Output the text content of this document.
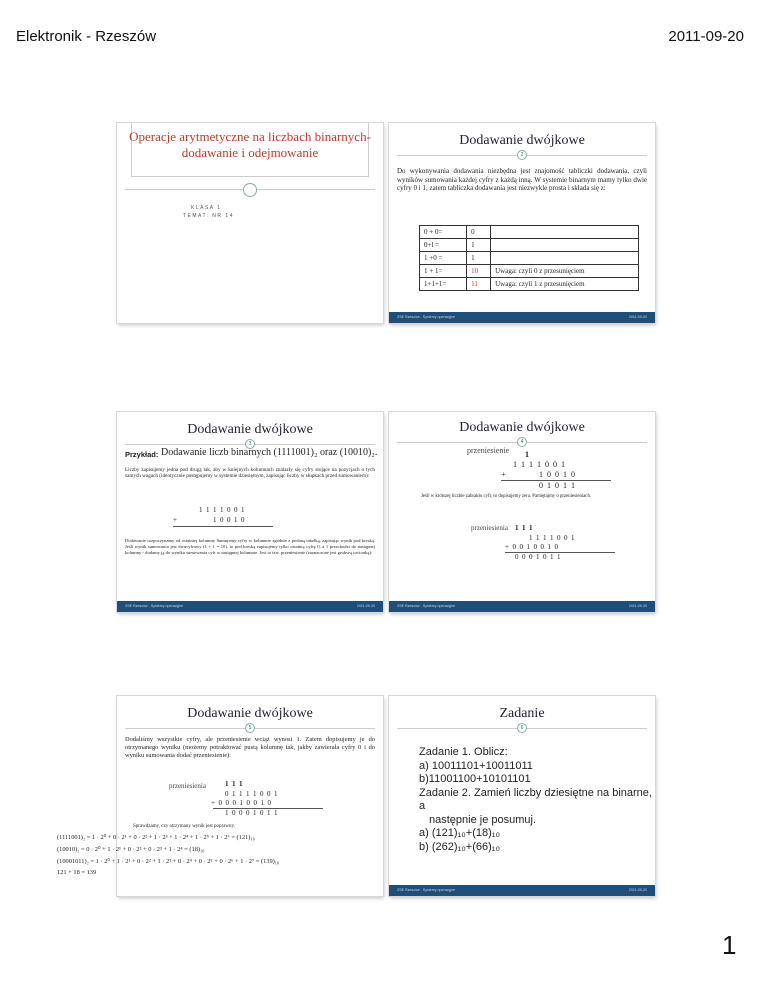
Elektronik - Rzeszów	2011-09-20
Operacje arytmetyczne na liczbach binarnych- dodawanie i odejmowanie
KLASA 1
TEMAT: NR 14
Dodawanie dwójkowe
2
Do wykonywania dodawania niezbędna jest znajomość tabliczki dodawania, czyli wyników sumowania każdej cyfry z każdą inną. W systemie binarnym mamy tylko dwie cyfry 0 i 1, zatem tabliczka dodawania jest niezwykle prosta i składa się z:
0 + 0=	0	
0+l =	1	
1 +0 =	1	
1 + 1=	10	Uwaga: czyli 0 z przesunięciem
1+1+1=	11	Uwaga: czyli 1 z przesunięciem
ZSE Rzeszów - Systemy operacyjne	2011-09-20
Dodawanie dwójkowe
3
Przykład: Dodawanie liczb binarnych (1111001)₂ oraz (10010)₂.
Liczby zapisujemy jedna pod drugą tak, aby w kolejnych kolumnach znalazły się cyfry stojące na pozycjach o tych samych wagach (identycznie postępujemy w systemie dziesiętnym, zapisując liczby w słupkach przed sumowaniem):
1  1  1  1  0  0  1
+	1  0  0  1  0
Dodawanie rozpoczynamy od ostatniej kolumny Sumujemy cyfry w kolumnie zgodnie z podaną tabelką, zapisując wynik pod kreską. Jeśli wynik sumowania jest dwucyfrowy (1 + 1 = 10), to pod kreską zapisujemy tylko ostatnią cyfrę 0, a 1 przechodzi do następnej kolumny - dodamy ją do wyniku sumowania cyfr w następnej kolumnie. Jest to tzw. przeniesienie (zaznaczone jest grubszą czcionką):
ZSE Rzeszów - Systemy operacyjne	2011-09-20
Dodawanie dwójkowe
4
przeniesienie 1
1  1  1  1  0  0  1
+	1  0  0  1  0
0  1  0  1  1
Jeśli w krótszej liczbie zabrakło cyfr, to dopisujemy zera. Pamiętajmy o przeniesieniach.
przeniesienia 1  1  1
1  1  1  1  0  0  1
+  0  0  1  0  0  1  0
0  0  0  1  0  1  1
ZSE Rzeszów - Systemy operacyjne	2011-09-20
Dodawanie dwójkowe
5
Dodaliśmy wszystkie cyfry, ale przeniesienie wciąż wynosi 1. Zatem dopisujemy je do otrzymanego wyniku (możemy potraktować pustą kolumnę tak, jakby zawierała cyfry 0 i do wyniku sumowania dodać przeniesienie):
przeniesienia	1  1  1
0  1  1  1  1  0  0  1
+  0  0  0  1  0  0  1  0
1  0  0  0  1  0  1  1
Sprawdzamy, czy otrzymany wynik jest poprawny.
(1111001)₂ = 1 · 2⁰ + 0 · 2¹ + 0 · 2² + 1 · 2³ + 1 · 2⁴ + 1 · 2⁵ + 1 · 2⁶ = (121)₁₀
(10010)₂ = 0 · 2⁰ + 1 · 2¹ + 0 · 2² + 0 · 2³ + 1 · 2⁴ = (18)₁₀
(10001011)₂ = 1 · 2⁰ + 1 · 2¹ + 0 · 2² + 1 · 2³ + 0 · 2⁴ + 0 · 2⁵ + 0 · 2⁶ + 1 · 2⁷ = (139)₁₀
121 + 18 = 139
Zadanie
6
Zadanie 1. Oblicz:
a) 10011101+10011011
b)11001100+10101101
Zadanie 2. Zamień liczby dziesiętne na binarne, a
następnie je posumuj.
a) (121)₁₀+(18)₁₀
b) (262)₁₀+(66)₁₀
ZSE Rzeszów - Systemy operacyjne	2011-09-20
1
